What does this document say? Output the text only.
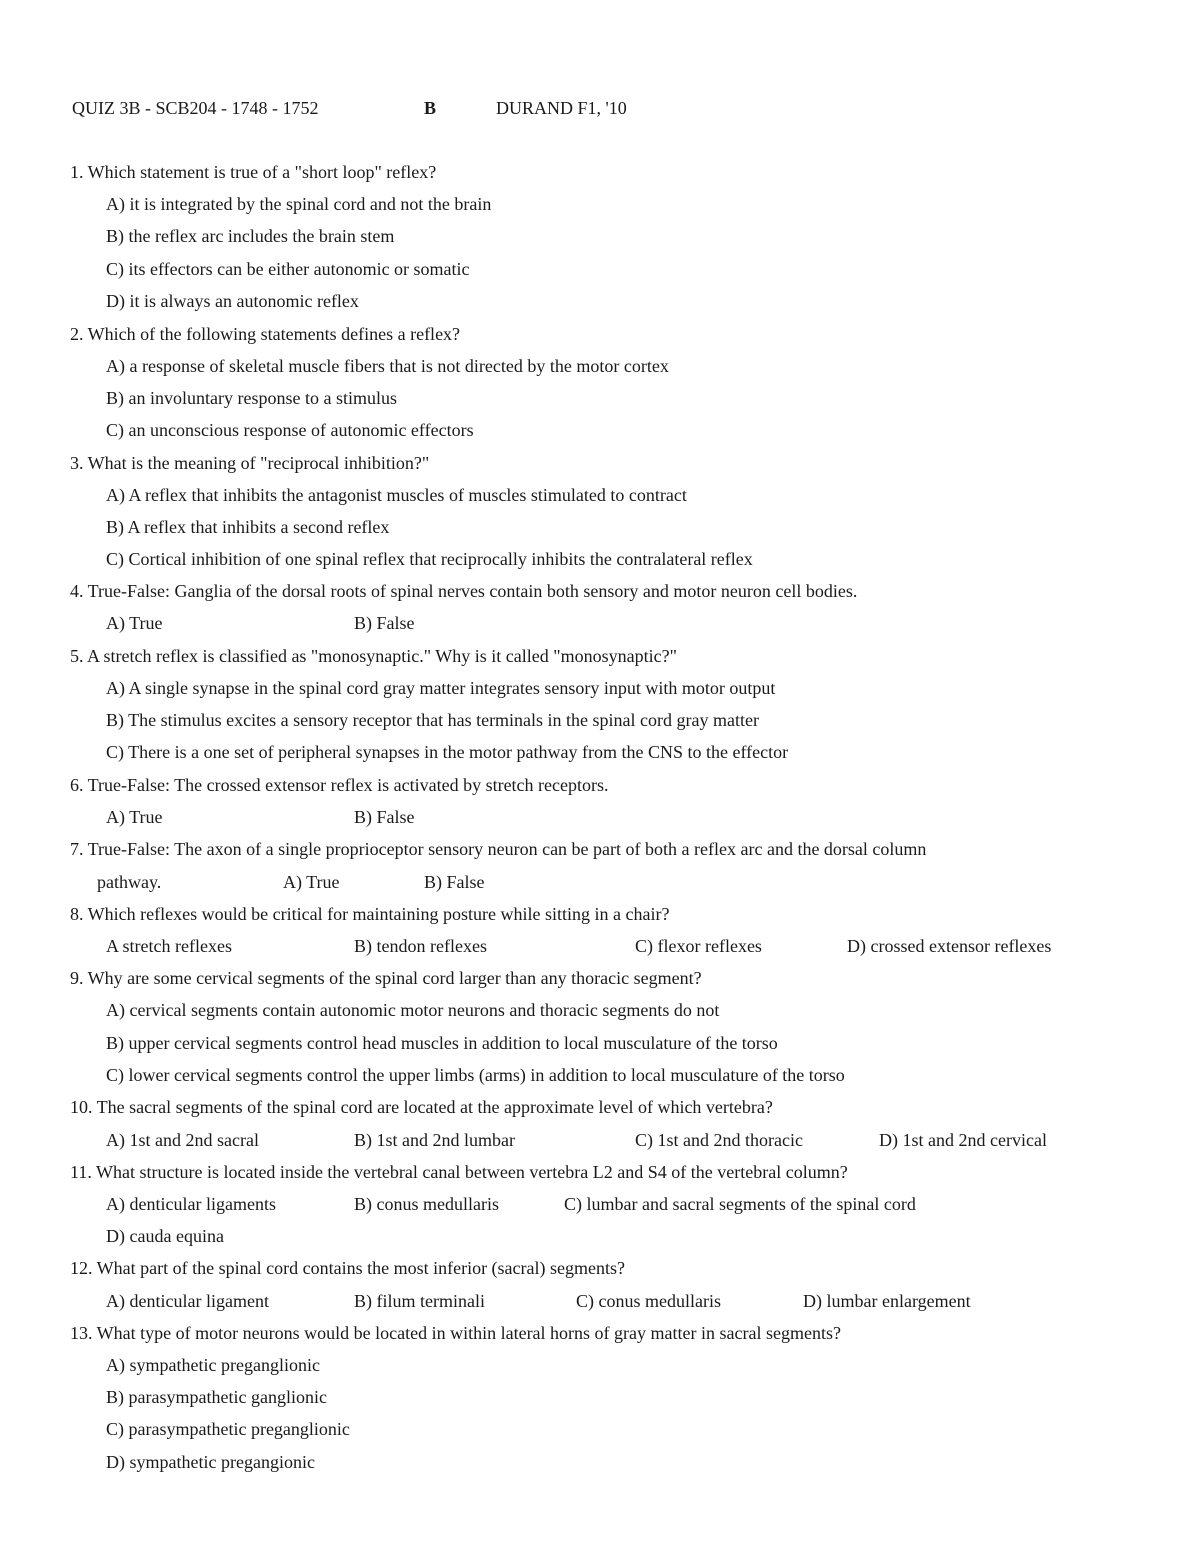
QUIZ 3B - SCB204 - 1748 - 1752	B	DURAND F1, '10
1. Which statement is true of a "short loop" reflex?
A) it is integrated by the spinal cord and not the brain
B) the reflex arc includes the brain stem
C) its effectors can be either autonomic or somatic
D) it is always an autonomic reflex
2. Which of the following statements defines a reflex?
A) a response of skeletal muscle fibers that is not directed by the motor cortex
B) an involuntary response to a stimulus
C) an unconscious response of autonomic effectors
3. What is the meaning of "reciprocal inhibition?"
A) A reflex that inhibits the antagonist muscles of muscles stimulated to contract
B) A reflex that inhibits a second reflex
C) Cortical inhibition of one spinal reflex that reciprocally inhibits the contralateral reflex
4. True-False: Ganglia of the dorsal roots of spinal nerves contain both sensory and motor neuron cell bodies.
A) True	B) False
5. A stretch reflex is classified as "monosynaptic." Why is it called "monosynaptic?"
A) A single synapse in the spinal cord gray matter integrates sensory input with motor output
B) The stimulus excites a sensory receptor that has terminals in the spinal cord gray matter
C) There is a one set of peripheral synapses in the motor pathway from the CNS to the effector
6. True-False: The crossed extensor reflex is activated by stretch receptors.
A) True	B) False
7. True-False: The axon of a single proprioceptor sensory neuron can be part of both a reflex arc and the dorsal column
pathway.	A) True	B) False
8. Which reflexes would be critical for maintaining posture while sitting in a chair?
A stretch reflexes	B) tendon reflexes	C) flexor reflexes	D) crossed extensor reflexes
9. Why are some cervical segments of the spinal cord larger than any thoracic segment?
A) cervical segments contain autonomic motor neurons and thoracic segments do not
B) upper cervical segments control head muscles in addition to local musculature of the torso
C) lower cervical segments control the upper limbs (arms) in addition to local musculature of the torso
10. The sacral segments of the spinal cord are located at the approximate level of which vertebra?
A) 1st and 2nd sacral	B) 1st and 2nd lumbar	C) 1st and 2nd thoracic	D) 1st and 2nd cervical
11. What structure is located inside the vertebral canal between vertebra L2 and S4 of the vertebral column?
A) denticular ligaments	B) conus medullaris	C) lumbar and sacral segments of the spinal cord
D) cauda equina
12. What part of the spinal cord contains the most inferior (sacral) segments?
A) denticular ligament	B) filum terminali	C) conus medullaris	D) lumbar enlargement
13. What type of motor neurons would be located in within lateral horns of gray matter in sacral segments?
A) sympathetic preganglionic
B) parasympathetic ganglionic
C) parasympathetic preganglionic
D) sympathetic pregangionic
